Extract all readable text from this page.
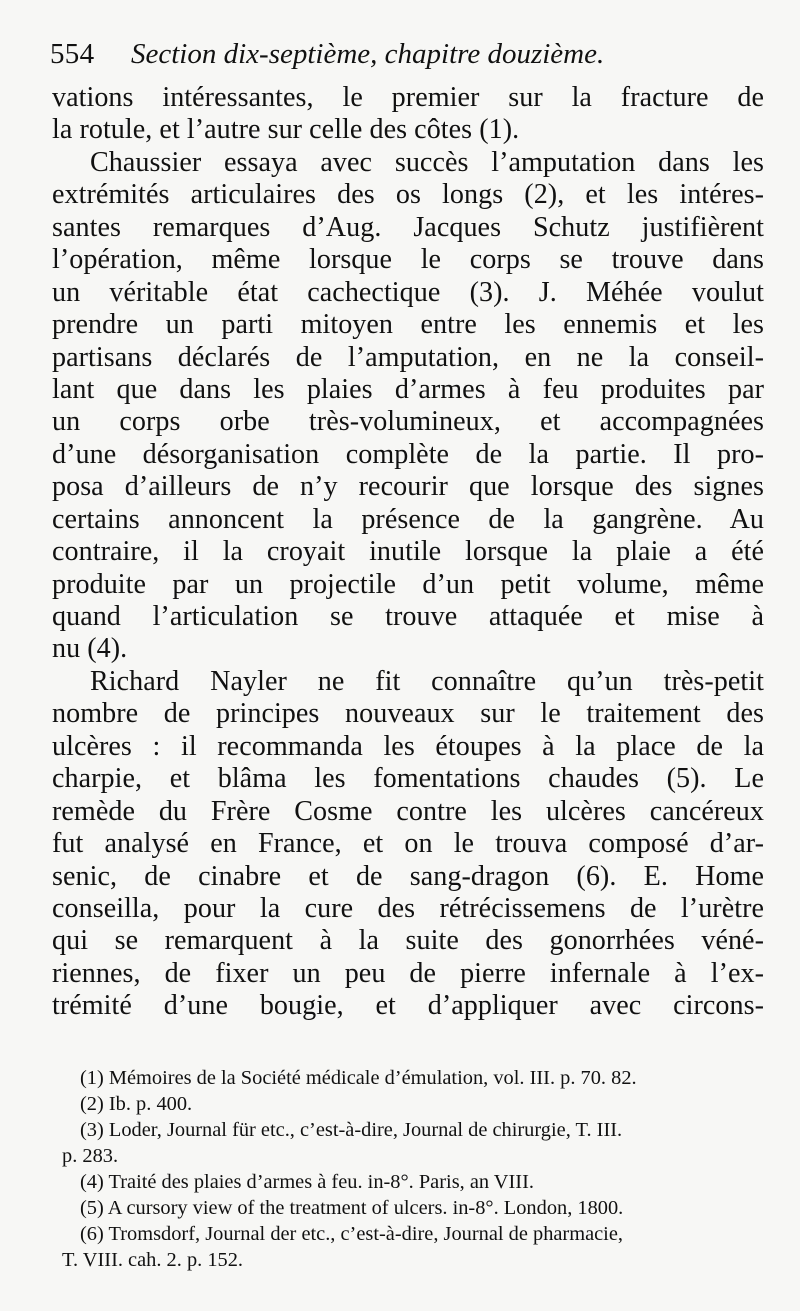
554 Section dix-septième, chapitre douzième.
vations intéressantes, le premier sur la fracture de
la rotule, et l’autre sur celle des côtes (1).
Chaussier essaya avec succès l’amputation dans les
extrémités articulaires des os longs (2), et les intéres-
santes remarques d’Aug. Jacques Schutz justifièrent
l’opération, même lorsque le corps se trouve dans
un véritable état cachectique (3). J. Méhée voulut
prendre un parti mitoyen entre les ennemis et les
partisans déclarés de l’amputation, en ne la conseil-
lant que dans les plaies d’armes à feu produites par
un corps orbe très-volumineux, et accompagnées
d’une désorganisation complète de la partie. Il pro-
posa d’ailleurs de n’y recourir que lorsque des signes
certains annoncent la présence de la gangrène. Au
contraire, il la croyait inutile lorsque la plaie a été
produite par un projectile d’un petit volume, même
quand l’articulation se trouve attaquée et mise à
nu (4).
Richard Nayler ne fit connaître qu’un très-petit
nombre de principes nouveaux sur le traitement des
ulcères : il recommanda les étoupes à la place de la
charpie, et blâma les fomentations chaudes (5). Le
remède du Frère Cosme contre les ulcères cancéreux
fut analysé en France, et on le trouva composé d’ar-
senic, de cinabre et de sang-dragon (6). E. Home
conseilla, pour la cure des rétrécissemens de l’urètre
qui se remarquent à la suite des gonorrhées véné-
riennes, de fixer un peu de pierre infernale à l’ex-
trémité d’une bougie, et d’appliquer avec circons-
(1) Mémoires de la Société médicale d’émulation, vol. III. p. 70. 82.
(2) Ib. p. 400.
(3) Loder, Journal für etc., c’est-à-dire, Journal de chirurgie, T. III.
p. 283.
(4) Traité des plaies d’armes à feu. in-8°. Paris, an VIII.
(5) A cursory view of the treatment of ulcers. in-8°. London, 1800.
(6) Tromsdorf, Journal der etc., c’est-à-dire, Journal de pharmacie,
T. VIII. cah. 2. p. 152.
